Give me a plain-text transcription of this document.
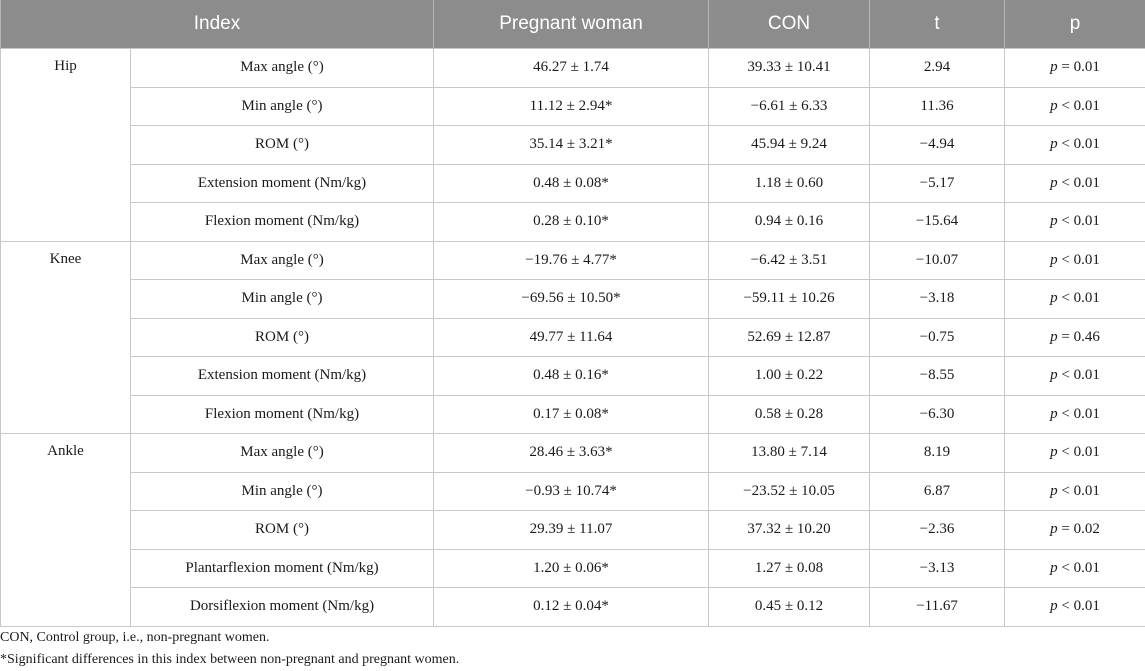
Index		Pregnant woman	CON	t	p
Hip	Max angle (°)	46.27 ± 1.74	39.33 ± 10.41	2.94	p = 0.01
	Min angle (°)	11.12 ± 2.94*	−6.61 ± 6.33	11.36	p < 0.01
	ROM (°)	35.14 ± 3.21*	45.94 ± 9.24	−4.94	p < 0.01
	Extension moment (Nm/kg)	0.48 ± 0.08*	1.18 ± 0.60	−5.17	p < 0.01
	Flexion moment (Nm/kg)	0.28 ± 0.10*	0.94 ± 0.16	−15.64	p < 0.01
Knee	Max angle (°)	−19.76 ± 4.77*	−6.42 ± 3.51	−10.07	p < 0.01
	Min angle (°)	−69.56 ± 10.50*	−59.11 ± 10.26	−3.18	p < 0.01
	ROM (°)	49.77 ± 11.64	52.69 ± 12.87	−0.75	p = 0.46
	Extension moment (Nm/kg)	0.48 ± 0.16*	1.00 ± 0.22	−8.55	p < 0.01
	Flexion moment (Nm/kg)	0.17 ± 0.08*	0.58 ± 0.28	−6.30	p < 0.01
Ankle	Max angle (°)	28.46 ± 3.63*	13.80 ± 7.14	8.19	p < 0.01
	Min angle (°)	−0.93 ± 10.74*	−23.52 ± 10.05	6.87	p < 0.01
	ROM (°)	29.39 ± 11.07	37.32 ± 10.20	−2.36	p = 0.02
	Plantarflexion moment (Nm/kg)	1.20 ± 0.06*	1.27 ± 0.08	−3.13	p < 0.01
	Dorsiflexion moment (Nm/kg)	0.12 ± 0.04*	0.45 ± 0.12	−11.67	p < 0.01
CON, Control group, i.e., non-pregnant women.
*Significant differences in this index between non-pregnant and pregnant women.
